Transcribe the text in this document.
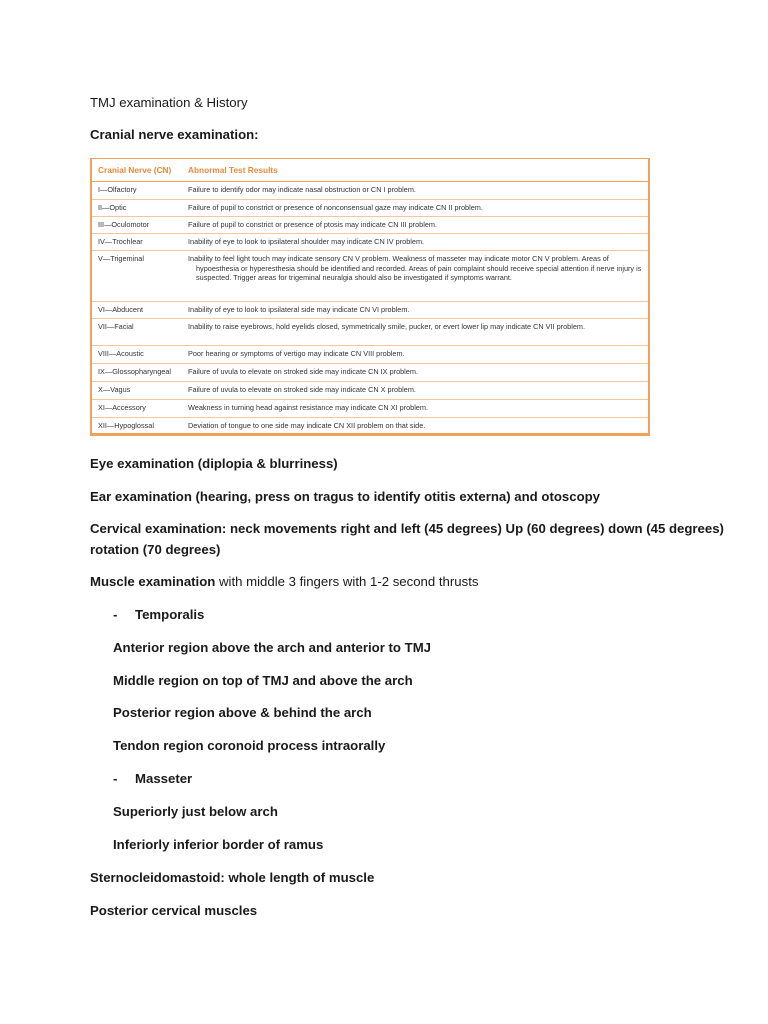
TMJ examination & History
Cranial nerve examination:
Cranial Nerve (CN)	Abnormal Test Results
I—Olfactory	Failure to identify odor may indicate nasal obstruction or CN I problem.
II—Optic	Failure of pupil to constrict or presence of nonconsensual gaze may indicate CN II problem.
III—Oculomotor	Failure of pupil to constrict or presence of ptosis may indicate CN III problem.
IV—Trochlear	Inability of eye to look to ipsilateral shoulder may indicate CN IV problem.
V—Trigeminal	Inability to feel light touch may indicate sensory CN V problem. Weakness of masseter may indicate motor CN V problem. Areas of hypoesthesia or hyperesthesia should be identified and recorded. Areas of pain complaint should receive special attention if nerve injury is suspected. Trigger areas for trigeminal neuralgia should also be investigated if symptoms warrant.
VI—Abducent	Inability of eye to look to ipsilateral side may indicate CN VI problem.
VII—Facial	Inability to raise eyebrows, hold eyelids closed, symmetrically smile, pucker, or evert lower lip may indicate CN VII problem.
VIII—Acoustic	Poor hearing or symptoms of vertigo may indicate CN VIII problem.
IX—Glossopharyngeal	Failure of uvula to elevate on stroked side may indicate CN IX problem.
X—Vagus	Failure of uvula to elevate on stroked side may indicate CN X problem.
XI—Accessory	Weakness in turning head against resistance may indicate CN XI problem.
XII—Hypoglossal	Deviation of tongue to one side may indicate CN XII problem on that side.
Eye examination (diplopia & blurriness)
Ear examination (hearing, press on tragus to identify otitis externa) and otoscopy
Cervical examination: neck movements right and left (45 degrees) Up (60 degrees) down (45 degrees)
rotation (70 degrees)
Muscle examination with middle 3 fingers with 1-2 second thrusts
- Temporalis
Anterior region above the arch and anterior to TMJ
Middle region on top of TMJ and above the arch
Posterior region above & behind the arch
Tendon region coronoid process intraorally
- Masseter
Superiorly just below arch
Inferiorly inferior border of ramus
Sternocleidomastoid: whole length of muscle
Posterior cervical muscles
